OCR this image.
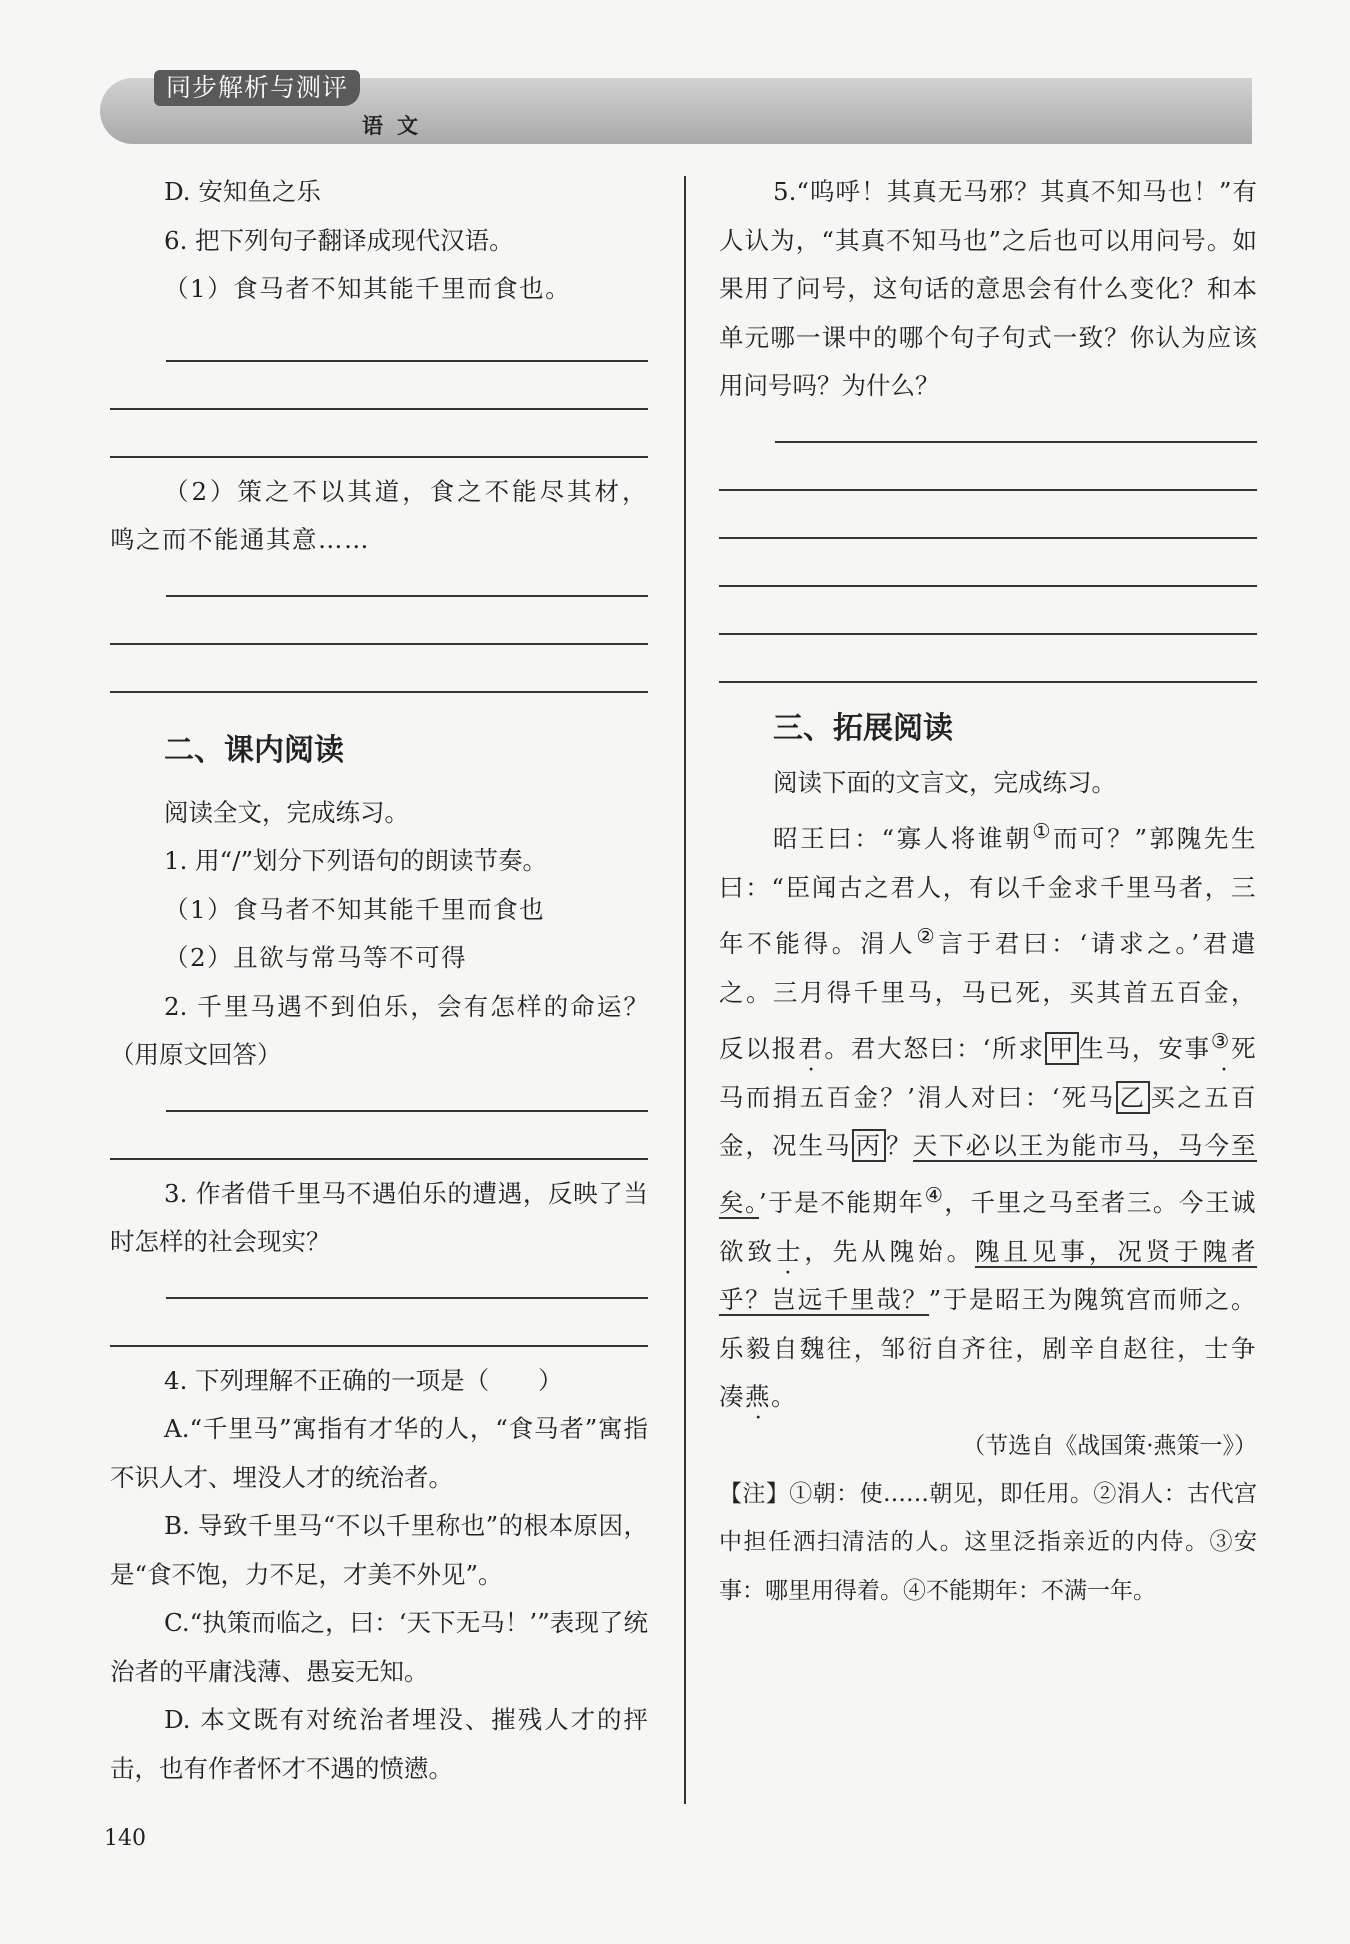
同步解析与测评
语文

D. 安知鱼之乐

6. 把下列句子翻译成现代汉语。

（1）食马者不知其能千里而食也。

（2）策之不以其道，食之不能尽其材，鸣之而不能通其意……

二、课内阅读

阅读全文，完成练习。

1. 用“/”划分下列语句的朗读节奏。

（1）食马者不知其能千里而食也

（2）且欲与常马等不可得

2. 千里马遇不到伯乐，会有怎样的命运？（用原文回答）

3. 作者借千里马不遇伯乐的遭遇，反映了当时怎样的社会现实？

4. 下列理解不正确的一项是（　　）

A.“千里马”寓指有才华的人，“食马者”寓指不识人才、埋没人才的统治者。

B. 导致千里马“不以千里称也”的根本原因，是“食不饱，力不足，才美不外见”。

C.“执策而临之，曰：‘天下无马！’”表现了统治者的平庸浅薄、愚妄无知。

D. 本文既有对统治者埋没、摧残人才的抨击，也有作者怀才不遇的愤懑。

5.“呜呼！其真无马邪？其真不知马也！”有人认为，“其真不知马也”之后也可以用问号。如果用了问号，这句话的意思会有什么变化？和本单元哪一课中的哪个句子句式一致？你认为应该用问号吗？为什么？

三、拓展阅读

阅读下面的文言文，完成练习。

昭王曰：“寡人将谁朝①而可？”郭隗先生曰：“臣闻古之君人，有以千金求千里马者，三年不能得。涓人②言于君曰：‘请求之。’君遣之。三月得千里马，马已死，买其首五百金，反以报君。君大怒曰：‘所求 甲 生马，安事③死马而捐五百金？’涓人对曰：‘死马 乙 买之五百金，况生马 丙 ？天下必以王为能市马，马今至矣。’于是不能期年④，千里之马至者三。今王诚欲致士，先从隗始。隗且见事，况贤于隗者乎？岂远千里哉？”于是昭王为隗筑宫而师之。乐毅自魏往，邹衍自齐往，剧辛自赵往，士争凑燕。

（节选自《战国策·燕策一》）

【注】①朝：使……朝见，即任用。②涓人：古代宫中担任洒扫清洁的人。这里泛指亲近的内侍。③安事：哪里用得着。④不能期年：不满一年。

140
